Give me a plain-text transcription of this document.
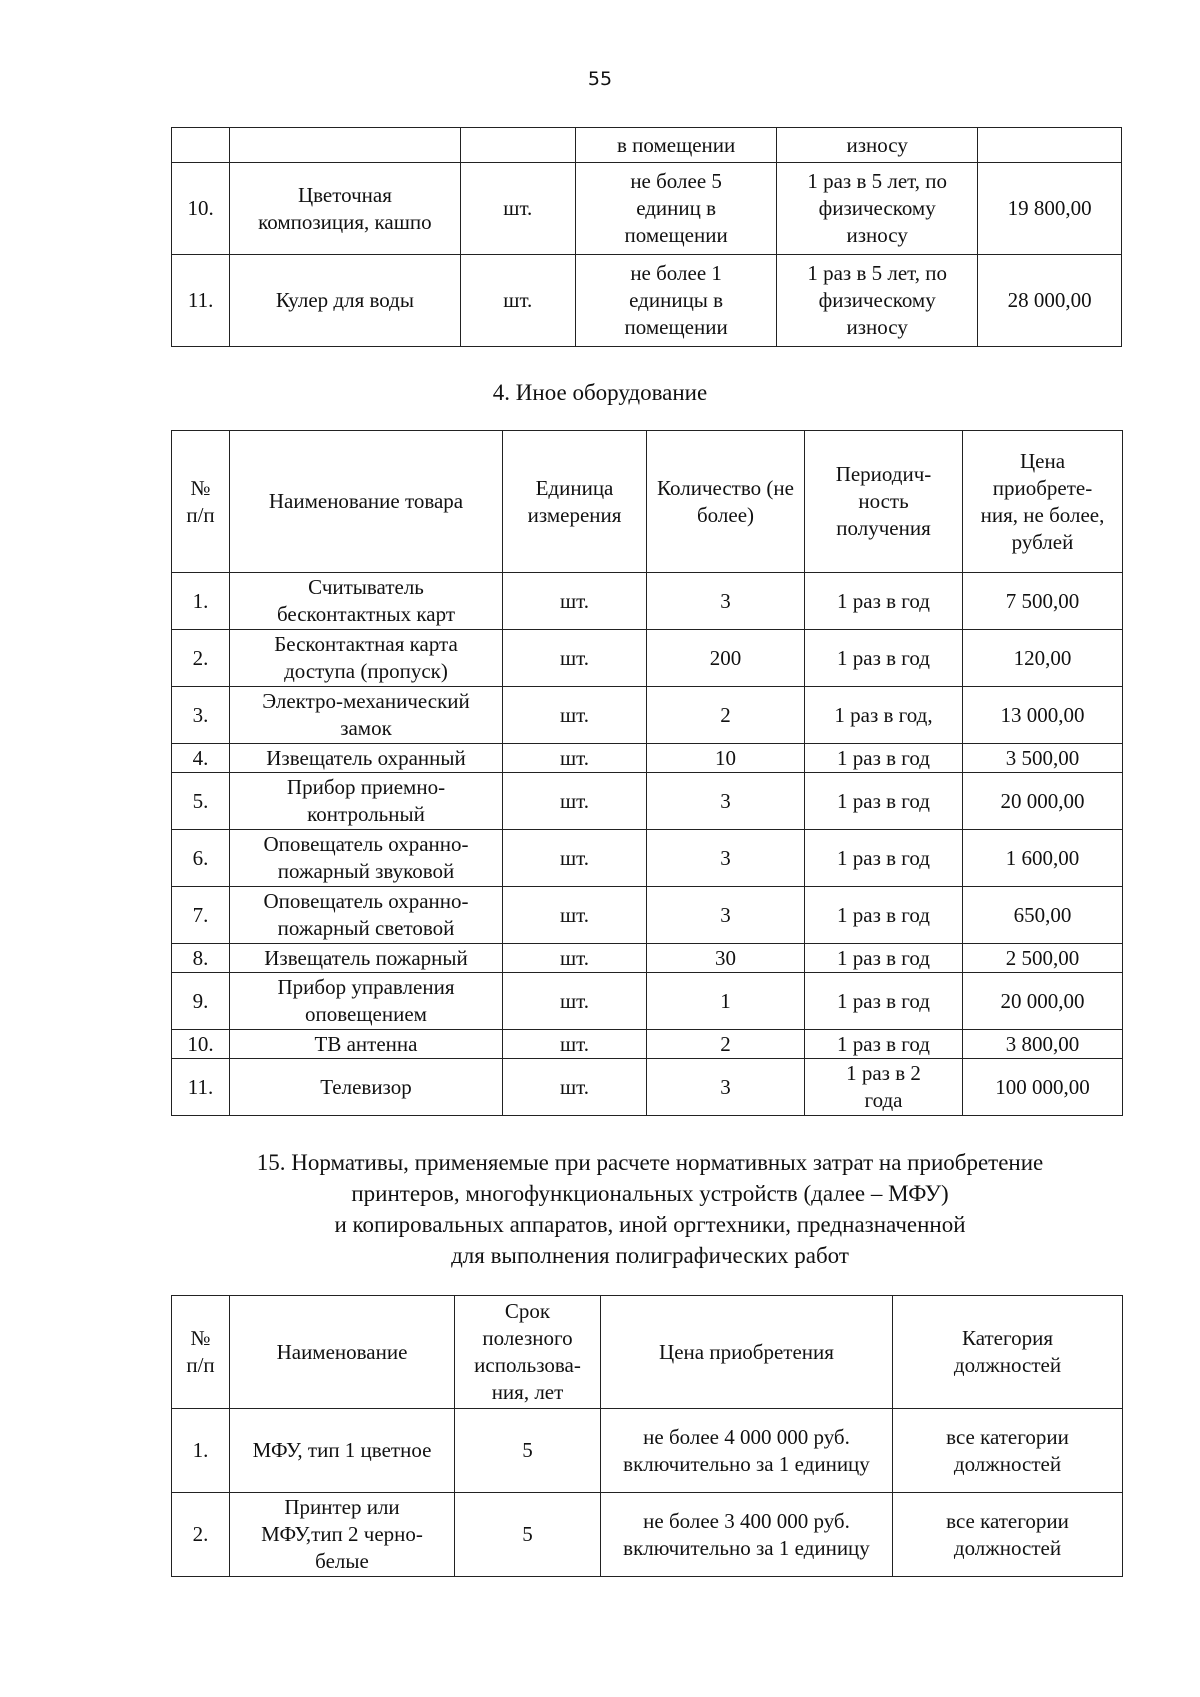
55
			в помещении	износу	
10.	Цветочная композиция, кашпо	шт.	не более 5 единиц в помещении	1 раз в 5 лет, по физическому износу	19 800,00
11.	Кулер для воды	шт.	не более 1 единицы в помещении	1 раз в 5 лет, по физическому износу	28 000,00
4. Иное оборудование
№ п/п	Наименование товара	Единица измерения	Количество (не более)	Периодич-ность получения	Цена приобрете-ния, не более, рублей
1.	Считыватель бесконтактных карт	шт.	3	1 раз в год	7 500,00
2.	Бесконтактная карта доступа (пропуск)	шт.	200	1 раз в год	120,00
3.	Электро-механический замок	шт.	2	1 раз в год,	13 000,00
4.	Извещатель охранный	шт.	10	1 раз в год	3 500,00
5.	Прибор приемно-контрольный	шт.	3	1 раз в год	20 000,00
6.	Оповещатель охранно-пожарный звуковой	шт.	3	1 раз в год	1 600,00
7.	Оповещатель охранно-пожарный световой	шт.	3	1 раз в год	650,00
8.	Извещатель пожарный	шт.	30	1 раз в год	2 500,00
9.	Прибор управления оповещением	шт.	1	1 раз в год	20 000,00
10.	ТВ антенна	шт.	2	1 раз в год	3 800,00
11.	Телевизор	шт.	3	1 раз в 2 года	100 000,00
15. Нормативы, применяемые при расчете нормативных затрат на приобретение
принтеров, многофункциональных устройств (далее – МФУ)
и копировальных аппаратов, иной оргтехники, предназначенной
для выполнения полиграфических работ
№ п/п	Наименование	Срок полезного использова-ния, лет	Цена приобретения	Категория должностей
1.	МФУ, тип 1 цветное	5	не более 4 000 000 руб. включительно за 1 единицу	все категории должностей
2.	Принтер или МФУ,тип 2 черно-белые	5	не более 3 400 000 руб. включительно за 1 единицу	все категории должностей
